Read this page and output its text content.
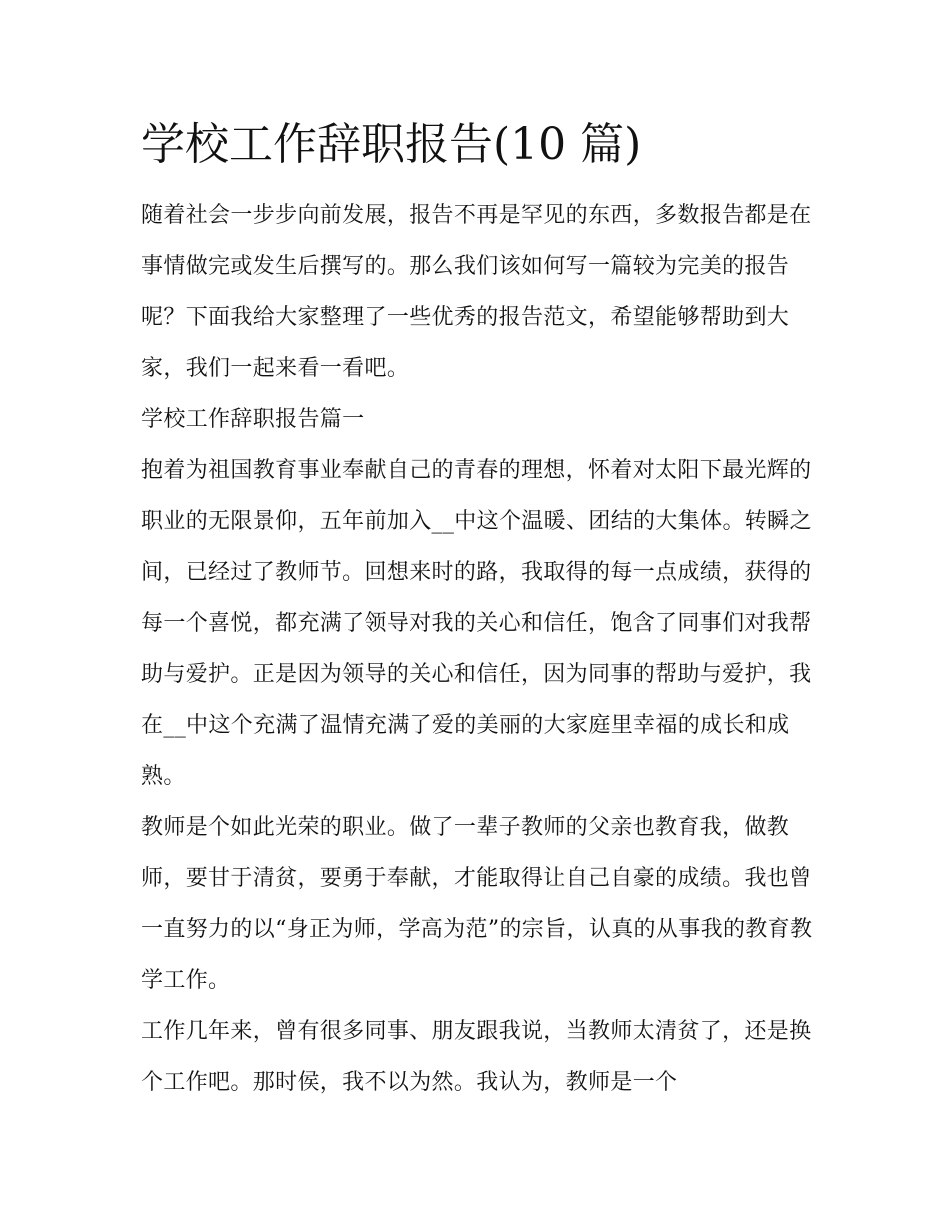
学校工作辞职报告(10 篇)

随着社会一步步向前发展，报告不再是罕见的东西，多数报告都是在事情做完或发生后撰写的。那么我们该如何写一篇较为完美的报告呢？下面我给大家整理了一些优秀的报告范文，希望能够帮助到大家，我们一起来看一看吧。

学校工作辞职报告篇一

抱着为祖国教育事业奉献自己的青春的理想，怀着对太阳下最光辉的职业的无限景仰，五年前加入__中这个温暖、团结的大集体。转瞬之间，已经过了教师节。回想来时的路，我取得的每一点成绩，获得的每一个喜悦，都充满了领导对我的关心和信任，饱含了同事们对我帮助与爱护。正是因为领导的关心和信任，因为同事的帮助与爱护，我在__中这个充满了温情充满了爱的美丽的大家庭里幸福的成长和成熟。

教师是个如此光荣的职业。做了一辈子教师的父亲也教育我，做教师，要甘于清贫，要勇于奉献，才能取得让自己自豪的成绩。我也曾一直努力的以“身正为师，学高为范”的宗旨，认真的从事我的教育教学工作。

工作几年来，曾有很多同事、朋友跟我说，当教师太清贫了，还是换个工作吧。那时侯，我不以为然。我认为，教师是一个
